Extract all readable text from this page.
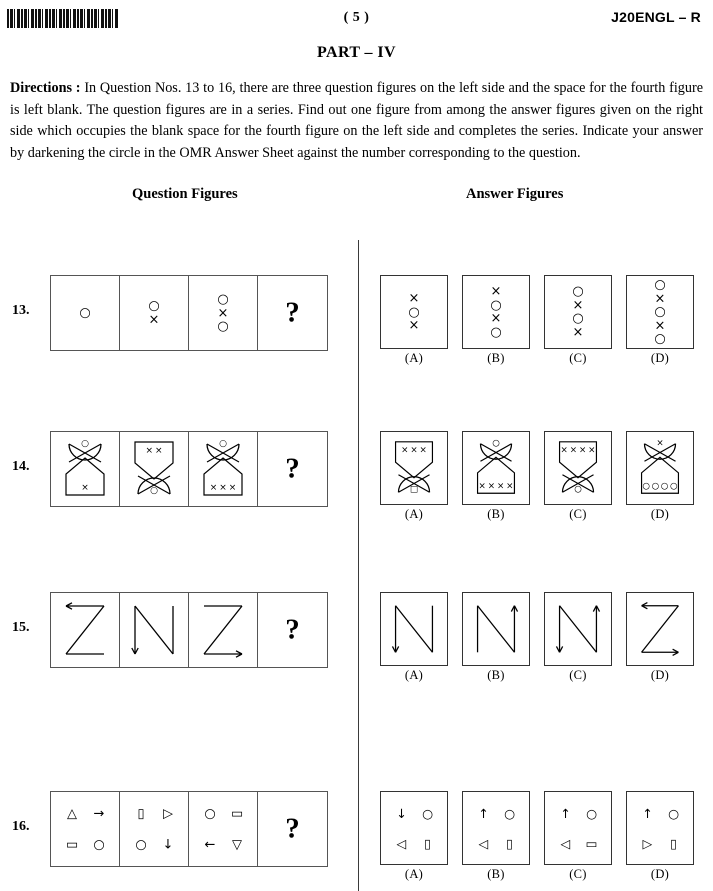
( 5 )	J20ENGL – R
PART – IV
Directions : In Question Nos. 13 to 16, there are three question figures on the left side and the space for the fourth figure is left blank. The question figures are in a series. Find out one figure from among the answer figures given on the right side which occupies the blank space for the fourth figure on the left side and completes the series. Indicate your answer by darkening the circle in the OMR Answer Sheet against the number corresponding to the question.
Question Figures	Answer Figures
13.	○	○
×
○
×
○	?	×
○
×
(A)
×
○
×
○
(B)
○
×
○
×
(C)
○
×
○
×
○
(D)
14.
○
×
× ×
○
○
× × ×
?
× × ×
□
(A)
○
× × × ×
(B)
× × × ×
○
(C)
×
○ ○ ○ ○
(D)
15.	?
(A)	(B)	(C)	(D)
16.
△ →
▭ ○
▯ ▷
○ ↓
○ ▭
← ▽
?	↓ ○
◁ ▯
(A)
↑ ○
◁ ▯
(B)
↑ ○
◁ ▭
(C)
↑ ○
▷ ▯
(D)
